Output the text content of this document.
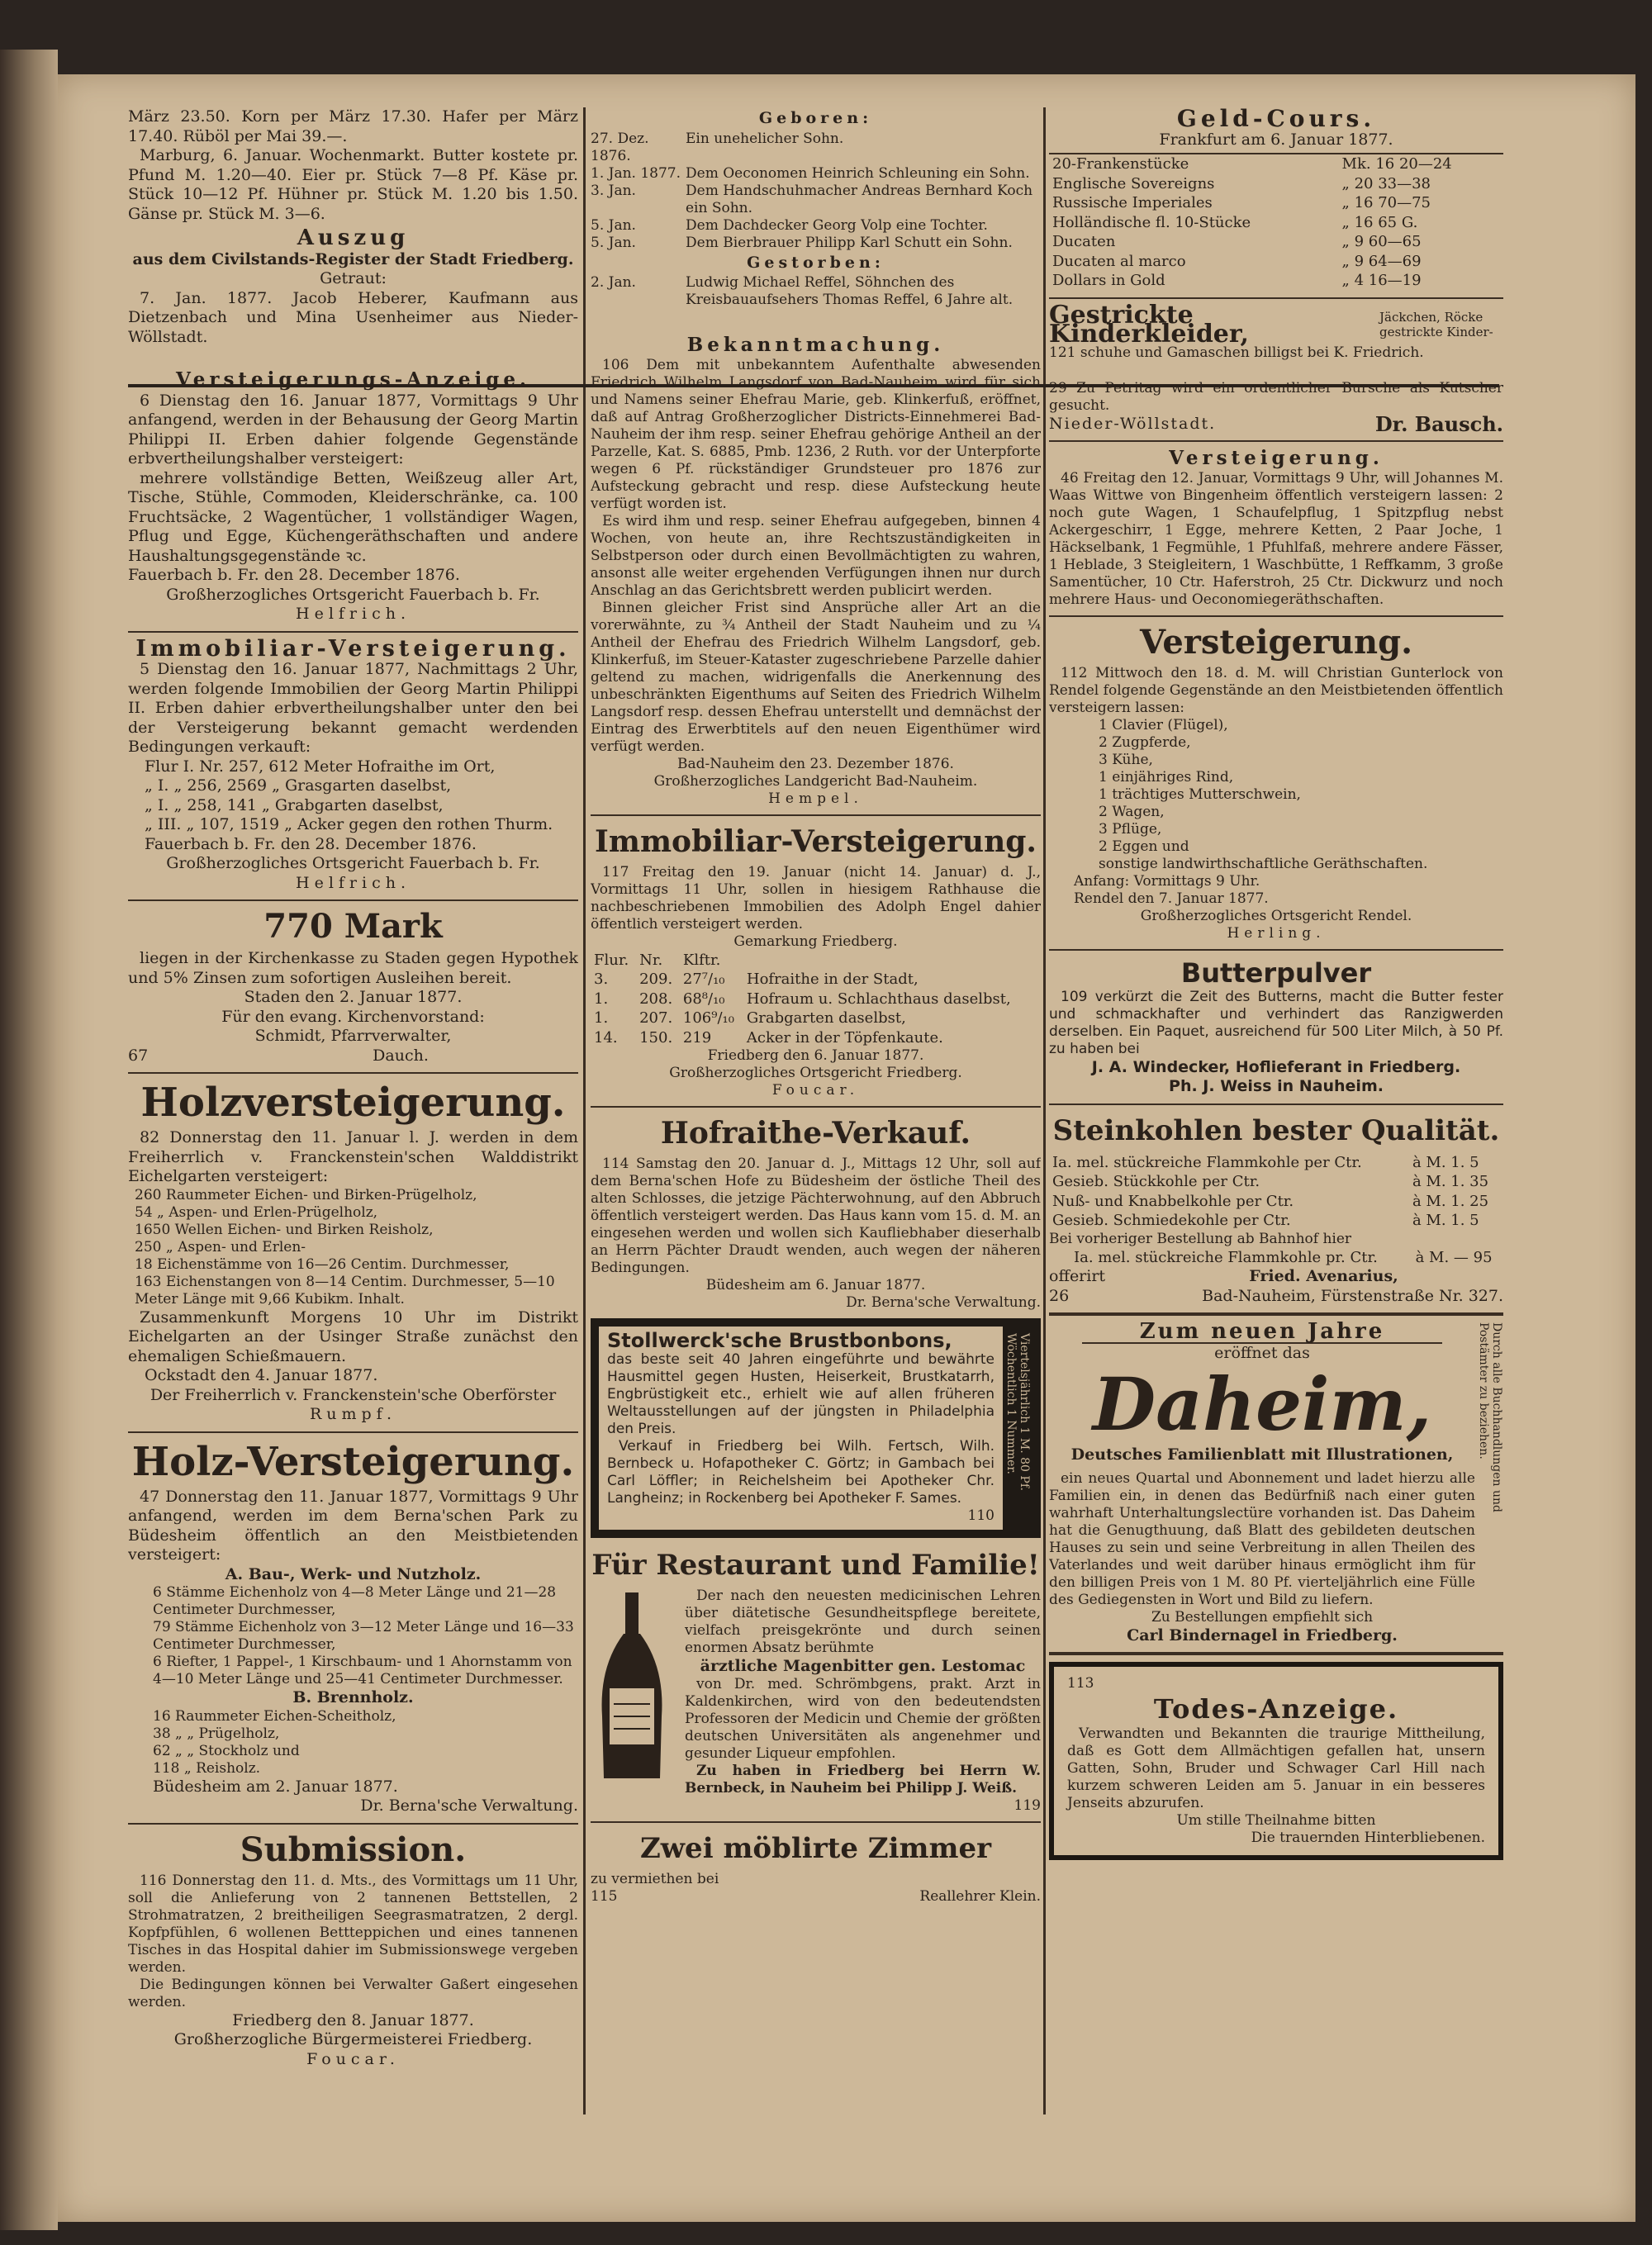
März 23.50. Korn per März 17.30. Hafer per März 17.40. Rüböl per Mai 39.—.

Marburg, 6. Januar. Wochenmarkt. Butter kostete pr. Pfund M. 1.20—40. Eier pr. Stück 7—8 Pf. Käse pr. Stück 10—12 Pf. Hühner pr. Stück M. 1.20 bis 1.50. Gänse pr. Stück M. 3—6.

Auszug
aus dem Civilstands-Register der Stadt Friedberg.
Getraut:

7. Jan. 1877. Jacob Heberer, Kaufmann aus Dietzenbach und Mina Usenheimer aus Nieder-Wöllstadt.

Versteigerungs-Anzeige.

6 Dienstag den 16. Januar 1877, Vormittags 9 Uhr anfangend, werden in der Behausung der Georg Martin Philippi II. Erben dahier folgende Gegenstände erbvertheilungshalber versteigert:

mehrere vollständige Betten, Weißzeug aller Art, Tische, Stühle, Commoden, Kleiderschränke, ca. 100 Fruchtsäcke, 2 Wagentücher, 1 vollständiger Wagen, Pflug und Egge, Küchengeräthschaften und andere Haushaltungsgegenstände ꝛc.

Fauerbach b. Fr. den 28. December 1876.
Großherzogliches Ortsgericht Fauerbach b. Fr.
Helfrich.
Immobiliar-Versteigerung.

5 Dienstag den 16. Januar 1877, Nachmittags 2 Uhr, werden folgende Immobilien der Georg Martin Philippi II. Erben dahier erbvertheilungshalber unter den bei der Versteigerung bekannt gemacht werdenden Bedingungen verkauft:

Flur I. Nr. 257, 612 Meter Hofraithe im Ort,
„ I. „ 256, 2569 „ Grasgarten daselbst,
„ I. „ 258, 141 „ Grabgarten daselbst,
„ III. „ 107, 1519 „ Acker gegen den rothen Thurm.
Fauerbach b. Fr. den 28. December 1876.
Großherzogliches Ortsgericht Fauerbach b. Fr.
Helfrich.
770 Mark

liegen in der Kirchenkasse zu Staden gegen Hypothek und 5% Zinsen zum sofortigen Ausleihen bereit.

Staden den 2. Januar 1877.
Für den evang. Kirchenvorstand:
Schmidt, Pfarrverwalter,
67	Dauch.
Holzversteigerung.

82 Donnerstag den 11. Januar l. J. werden in dem Freiherrlich v. Franckenstein'schen Walddistrikt Eichelgarten versteigert:

260 Raummeter Eichen- und Birken-Prügelholz,
54 „ Aspen- und Erlen-Prügelholz,
1650 Wellen Eichen- und Birken Reisholz,
250 „ Aspen- und Erlen-
18 Eichenstämme von 16—26 Centim. Durchmesser,
163 Eichenstangen von 8—14 Centim. Durchmesser, 5—10 Meter Länge mit 9,66 Kubikm. Inhalt.

Zusammenkunft Morgens 10 Uhr im Distrikt Eichelgarten an der Usinger Straße zunächst den ehemaligen Schießmauern.

Ockstadt den 4. Januar 1877.
Der Freiherrlich v. Franckenstein'sche Oberförster
Rumpf.
Holz-Versteigerung.

47 Donnerstag den 11. Januar 1877, Vormittags 9 Uhr anfangend, werden im dem Berna'schen Park zu Büdesheim öffentlich an den Meistbietenden versteigert:

A. Bau-, Werk- und Nutzholz.
6 Stämme Eichenholz von 4—8 Meter Länge und 21—28 Centimeter Durchmesser,
79 Stämme Eichenholz von 3—12 Meter Länge und 16—33 Centimeter Durchmesser,
6 Riefter, 1 Pappel-, 1 Kirschbaum- und 1 Ahornstamm von 4—10 Meter Länge und 25—41 Centimeter Durchmesser.
B. Brennholz.
16 Raummeter Eichen-Scheitholz,
38 „ „ Prügelholz,
62 „ „ Stockholz und
118 „ Reisholz.
Büdesheim am 2. Januar 1877.
Dr. Berna'sche Verwaltung.
Submission.

116 Donnerstag den 11. d. Mts., des Vormittags um 11 Uhr, soll die Anlieferung von 2 tannenen Bettstellen, 2 Strohmatratzen, 2 breitheiligen Seegrasmatratzen, 2 dergl. Kopfpfühlen, 6 wollenen Bettteppichen und eines tannenen Tisches in das Hospital dahier im Submissionswege vergeben werden.

Die Bedingungen können bei Verwalter Gaßert eingesehen werden.

Friedberg den 8. Januar 1877.
Großherzogliche Bürgermeisterei Friedberg.
Foucar.
Geboren:
27. Dez. 1876.
Ein unehelicher Sohn.
1. Jan. 1877. Dem Oeconomen Heinrich Schleuning ein Sohn.
3. Jan.	Dem Handschuhmacher Andreas Bernhard Koch ein Sohn.
5. Jan.	Dem Dachdecker Georg Volp eine Tochter.
5. Jan.	Dem Bierbrauer Philipp Karl Schutt ein Sohn.
Gestorben:
2. Jan.	Ludwig Michael Reffel, Söhnchen des Kreisbauaufsehers Thomas Reffel, 6 Jahre alt.
Bekanntmachung.

106 Dem mit unbekanntem Aufenthalte abwesenden Friedrich Wilhelm Langsdorf von Bad-Nauheim wird für sich und Namens seiner Ehefrau Marie, geb. Klinkerfuß, eröffnet, daß auf Antrag Großherzoglicher Districts-Einnehmerei Bad-Nauheim der ihm resp. seiner Ehefrau gehörige Antheil an der Parzelle, Kat. S. 6885, Pmb. 1236, 2 Ruth. vor der Unterpforte wegen 6 Pf. rückständiger Grundsteuer pro 1876 zur Aufsteckung gebracht und resp. diese Aufsteckung heute verfügt worden ist.

Es wird ihm und resp. seiner Ehefrau aufgegeben, binnen 4 Wochen, von heute an, ihre Rechtszuständigkeiten in Selbstperson oder durch einen Bevollmächtigten zu wahren, ansonst alle weiter ergehenden Verfügungen ihnen nur durch Anschlag an das Gerichtsbrett werden publicirt werden.

Binnen gleicher Frist sind Ansprüche aller Art an die vorerwähnte, zu ¾ Antheil der Stadt Nauheim und zu ¼ Antheil der Ehefrau des Friedrich Wilhelm Langsdorf, geb. Klinkerfuß, im Steuer-Kataster zugeschriebene Parzelle dahier geltend zu machen, widrigenfalls die Anerkennung des unbeschränkten Eigenthums auf Seiten des Friedrich Wilhelm Langsdorf resp. dessen Ehefrau unterstellt und demnächst der Eintrag des Erwerbtitels auf den neuen Eigenthümer wird verfügt werden.

Bad-Nauheim den 23. Dezember 1876.
Großherzogliches Landgericht Bad-Nauheim.
Hempel.
Immobiliar-Versteigerung.

117 Freitag den 19. Januar (nicht 14. Januar) d. J., Vormittags 11 Uhr, sollen in hiesigem Rathhause die nachbeschriebenen Immobilien des Adolph Engel dahier öffentlich versteigert werden.

Gemarkung Friedberg.
Flur.	Nr.	Klftr.	
3.	209.	27⁷/₁₀	Hofraithe in der Stadt,
1.	208.	68⁸/₁₀	Hofraum u. Schlachthaus daselbst,
1.	207.	106⁹/₁₀	Grabgarten daselbst,
14.	150.	219	Acker in der Töpfenkaute.
Friedberg den 6. Januar 1877.
Großherzogliches Ortsgericht Friedberg.
Foucar.
Hofraithe-Verkauf.

114 Samstag den 20. Januar d. J., Mittags 12 Uhr, soll auf dem Berna'schen Hofe zu Büdesheim der östliche Theil des alten Schlosses, die jetzige Pächterwohnung, auf den Abbruch öffentlich versteigert werden. Das Haus kann vom 15. d. M. an eingesehen werden und wollen sich Kaufliebhaber dieserhalb an Herrn Pächter Draudt wenden, auch wegen der näheren Bedingungen.

Büdesheim am 6. Januar 1877.
Dr. Berna'sche Verwaltung.
Stollwerck'sche Brustbonbons,

das beste seit 40 Jahren eingeführte und bewährte Hausmittel gegen Husten, Heiserkeit, Brustkatarrh, Engbrüstigkeit etc., erhielt wie auf allen früheren Weltausstellungen auf der jüngsten in Philadelphia den Preis.

Verkauf in Friedberg bei Wilh. Fertsch, Wilh. Bernbeck u. Hofapotheker C. Görtz; in Gambach bei Carl Löffler; in Reichelsheim bei Apotheker Chr. Langheinz; in Rockenberg bei Apotheker F. Sames.

110
Viertelsjährlich 1 M. 80 Pf. Wöchentlich 1 Nummer.
Für Restaurant und Familie!

Der nach den neuesten medicinischen Lehren über diätetische Gesundheitspflege bereitete, vielfach preisgekrönte und durch seinen enormen Absatz berühmte

ärztliche Magenbitter gen. Lestomac

von Dr. med. Schrömbgens, prakt. Arzt in Kaldenkirchen, wird von den bedeutendsten Professoren der Medicin und Chemie der größten deutschen Universitäten als angenehmer und gesunder Liqueur empfohlen.

Zu haben in Friedberg bei Herrn W. Bernbeck, in Nauheim bei Philipp J. Weiß.

119
Zwei möblirte Zimmer
zu vermiethen bei
115	Reallehrer Klein.
Geld-Cours.
Frankfurt am 6. Januar 1877.
20-Frankenstücke	Mk. 16 20—24
Englische Sovereigns	„ 20 33—38
Russische Imperiales	„ 16 70—75
Holländische fl. 10-Stücke	„ 16 65 G.
Ducaten	„ 9 60—65
Ducaten al marco	„ 9 64—69
Dollars in Gold	„ 4 16—19
Gestrickte Kinderkleider,
Jäckchen, Röcke gestrickte Kinder-
121 schuhe und Gamaschen billigst bei K. Friedrich.

29 Zu Petritag wird ein ordentlicher Bursche als Kutscher gesucht.

Nieder-Wöllstadt.	Dr. Bausch.
Versteigerung.

46 Freitag den 12. Januar, Vormittags 9 Uhr, will Johannes M. Waas Wittwe von Bingenheim öffentlich versteigern lassen: 2 noch gute Wagen, 1 Schaufelpflug, 1 Spitzpflug nebst Ackergeschirr, 1 Egge, mehrere Ketten, 2 Paar Joche, 1 Häckselbank, 1 Fegmühle, 1 Pfuhlfaß, mehrere andere Fässer, 1 Heblade, 3 Steigleitern, 1 Waschbütte, 1 Reffkamm, 3 große Samentücher, 10 Ctr. Haferstroh, 25 Ctr. Dickwurz und noch mehrere Haus- und Oeconomiegeräthschaften.

Versteigerung.

112 Mittwoch den 18. d. M. will Christian Gunterlock von Rendel folgende Gegenstände an den Meistbietenden öffentlich versteigern lassen:

1 Clavier (Flügel),
2 Zugpferde,
3 Kühe,
1 einjähriges Rind,
1 trächtiges Mutterschwein,
2 Wagen,
3 Pflüge,
2 Eggen und
sonstige landwirthschaftliche Geräthschaften.
Anfang: Vormittags 9 Uhr.
Rendel den 7. Januar 1877.
Großherzogliches Ortsgericht Rendel.
Herling.
Butterpulver

109 verkürzt die Zeit des Butterns, macht die Butter fester und schmackhafter und verhindert das Ranzigwerden derselben. Ein Paquet, ausreichend für 500 Liter Milch, à 50 Pf. zu haben bei

J. A. Windecker, Hoflieferant in Friedberg.
Ph. J. Weiss in Nauheim.
Steinkohlen bester Qualität.
Ia. mel. stückreiche Flammkohle per Ctr.	à M. 1. 5
Gesieb. Stückkohle per Ctr.	à M. 1. 35
Nuß- und Knabbelkohle per Ctr.	à M. 1. 25
Gesieb. Schmiedekohle per Ctr.	à M. 1. 5
Bei vorheriger Bestellung ab Bahnhof hier
Ia. mel. stückreiche Flammkohle pr. Ctr.	à M. — 95
offerirt	Fried. Avenarius,
26	Bad-Nauheim, Fürstenstraße Nr. 327.
Zum neuen Jahre
eröffnet das
Daheim,
Deutsches Familienblatt mit Illustrationen,	Durch alle Buchhandlungen und Postämter zu beziehen.

ein neues Quartal und Abonnement und ladet hierzu alle Familien ein, in denen das Bedürfniß nach einer guten wahrhaft Unterhaltungslectüre vorhanden ist. Das Daheim hat die Genugthuung, daß Blatt des gebildeten deutschen Hauses zu sein und seine Verbreitung in allen Theilen des Vaterlandes und weit darüber hinaus ermöglicht ihm für den billigen Preis von 1 M. 80 Pf. vierteljährlich eine Fülle des Gediegensten in Wort und Bild zu liefern.

Zu Bestellungen empfiehlt sich
Carl Bindernagel in Friedberg.
113
Todes-Anzeige.

Verwandten und Bekannten die traurige Mittheilung, daß es Gott dem Allmächtigen gefallen hat, unsern Gatten, Sohn, Bruder und Schwager Carl Hill nach kurzem schweren Leiden am 5. Januar in ein besseres Jenseits abzurufen.

Um stille Theilnahme bitten
Die trauernden Hinterbliebenen.
